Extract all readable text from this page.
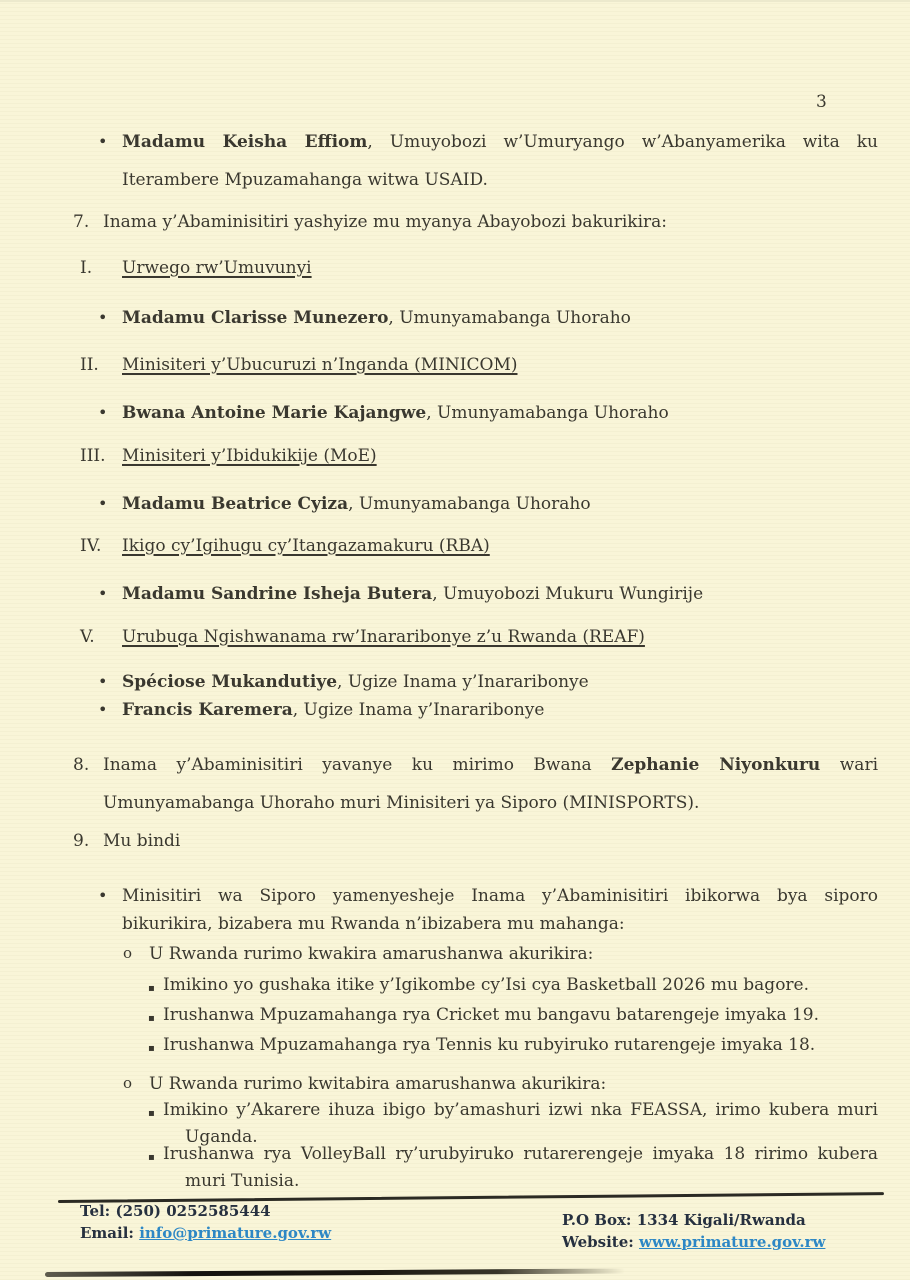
3
• Madamu Keisha Effiom, Umuyobozi w’Umuryango w’Abanyamerika wita ku Iterambere Mpuzamahanga witwa USAID.

7. Inama y’Abaminisitiri yashyize mu myanya Abayobozi bakurikira:

I.	Urwego rw’Umuvunyi

• Madamu Clarisse Munezero, Umunyamabanga Uhoraho

II.	Minisiteri y’Ubucuruzi n’Inganda (MINICOM)

• Bwana Antoine Marie Kajangwe, Umunyamabanga Uhoraho

III. Minisiteri y’Ibidukikije (MoE)

• Madamu Beatrice Cyiza, Umunyamabanga Uhoraho

IV.	Ikigo cy’Igihugu cy’Itangazamakuru (RBA)

• Madamu Sandrine Isheja Butera, Umuyobozi Mukuru Wungirije

V.	Urubuga Ngishwanama rw’Inararibonye z’u Rwanda (REAF)

• Spéciose Mukandutiye, Ugize Inama y’Inararibonye

• Francis Karemera, Ugize Inama y’Inararibonye

8. Inama y’Abaminisitiri yavanye ku mirimo Bwana Zephanie Niyonkuru wari Umunyamabanga Uhoraho muri Minisiteri ya Siporo (MINISPORTS).

9. Mu bindi

• Minisitiri wa Siporo yamenyesheje Inama y’Abaminisitiri ibikorwa bya siporo bikurikira, bizabera mu Rwanda n’ibizabera mu mahanga:

o U Rwanda rurimo kwakira amarushanwa akurikira:

▪ Imikino yo gushaka itike y’Igikombe cy’Isi cya Basketball 2026 mu bagore.

▪ Irushanwa Mpuzamahanga rya Cricket mu bangavu batarengeje imyaka 19.

▪ Irushanwa Mpuzamahanga rya Tennis ku rubyiruko rutarengeje imyaka 18.

o U Rwanda rurimo kwitabira amarushanwa akurikira:

▪ Imikino y’Akarere ihuza ibigo by’amashuri izwi nka FEASSA, irimo kubera muri Uganda.

▪ Irushanwa rya VolleyBall ry’urubyiruko rutarerengeje imyaka 18 ririmo kubera muri Tunisia.

Tel: (250) 0252585444
Email: info@primature.gov.rw
P.O Box: 1334 Kigali/Rwanda
Website: www.primature.gov.rw
